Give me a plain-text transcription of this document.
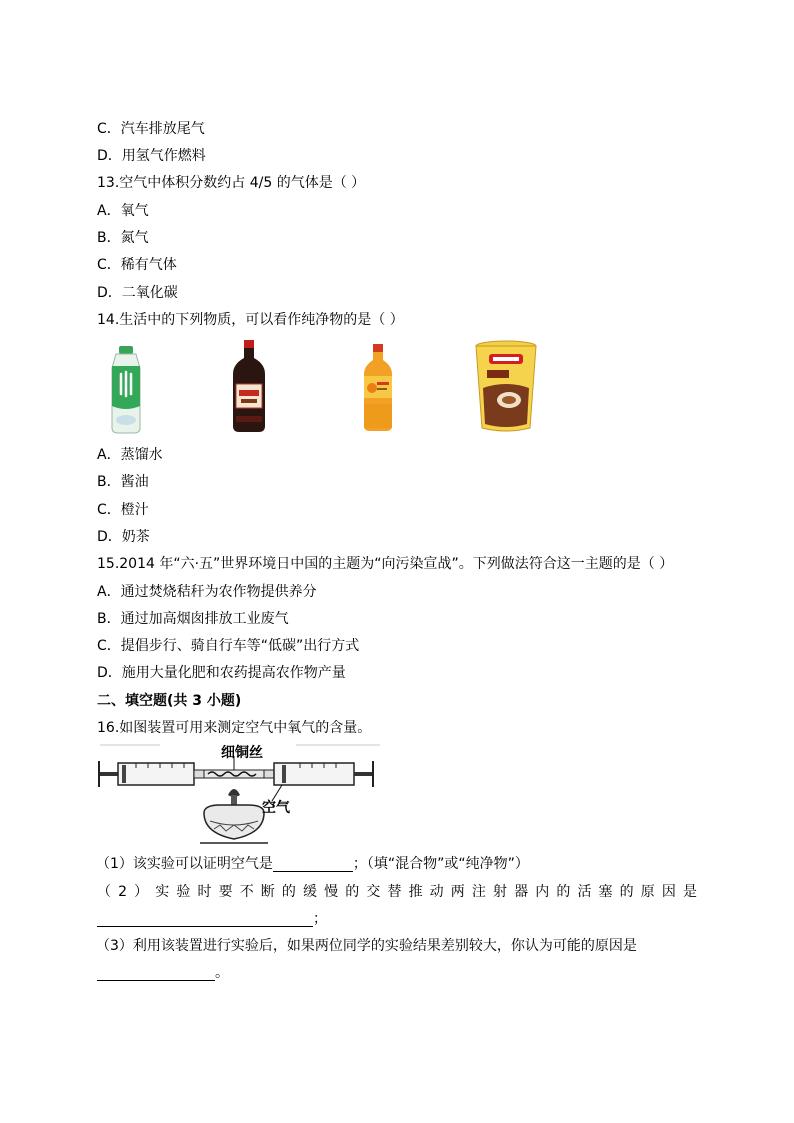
C．汽车排放尾气
D．用氢气作燃料
13.空气中体积分数约占 4/5 的气体是（ ）
A．氧气
B．氮气
C．稀有气体
D．二氧化碳
14.生活中的下列物质，可以看作纯净物的是（ ）
A．蒸馏水
B．酱油
C．橙汁
D．奶茶
15.2014 年“六·五”世界环境日中国的主题为“向污染宣战”。下列做法符合这一主题的是（ ）
A．通过焚烧秸秆为农作物提供养分
B．通过加高烟囱排放工业废气
C．提倡步行、骑自行车等“低碳”出行方式
D．施用大量化肥和农药提高农作物产量
二、填空题(共 3 小题)
16.如图装置可用来测定空气中氧气的含量。
细铜丝
空气
（1）该实验可以证明空气是	；（填“混合物”或“纯净物”）
（ 2 ） 实 验 时 要 不 断 的 缓 慢 的 交 替 推 动 两 注 射 器 内 的 活 塞 的 原 因 是
；
（3）利用该装置进行实验后，如果两位同学的实验结果差别较大，你认为可能的原因是
。
